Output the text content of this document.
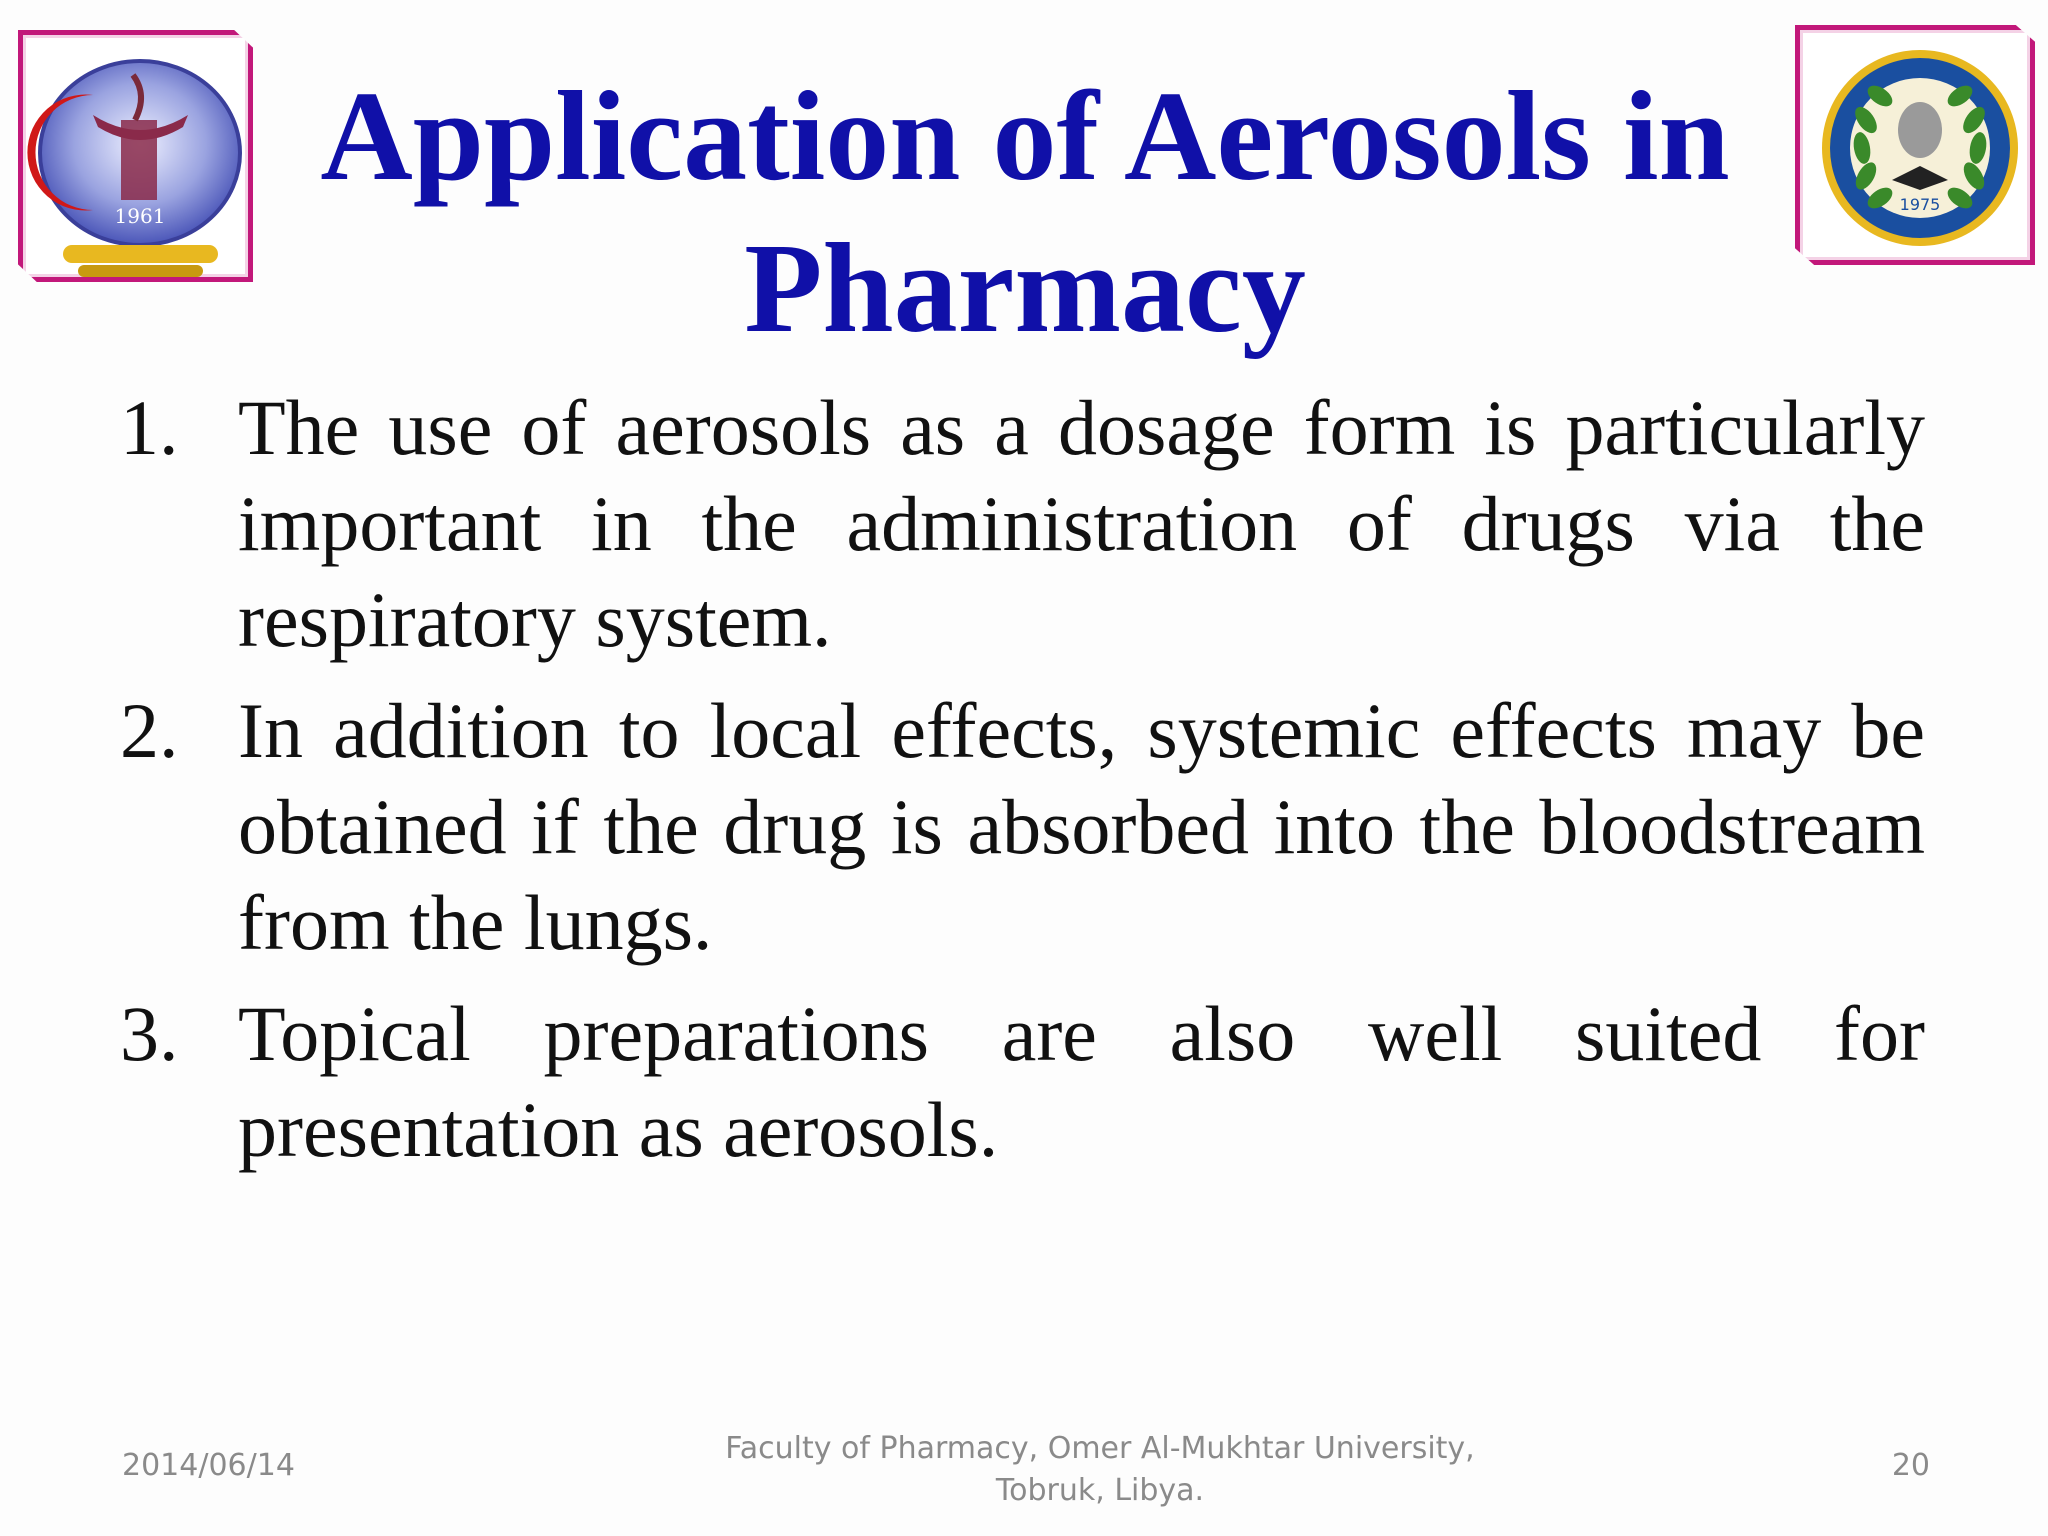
1961	1975
Application of Aerosols in Pharmacy
1. The use of aerosols as a dosage form is particularly important in the administration of drugs via the respiratory system.
2. In addition to local effects, systemic effects may be obtained if the drug is absorbed into the bloodstream from the lungs.
3. Topical preparations are also well suited for presentation as aerosols.
2014/06/14	Faculty of Pharmacy, Omer Al-Mukhtar University,
Tobruk, Libya.
20
